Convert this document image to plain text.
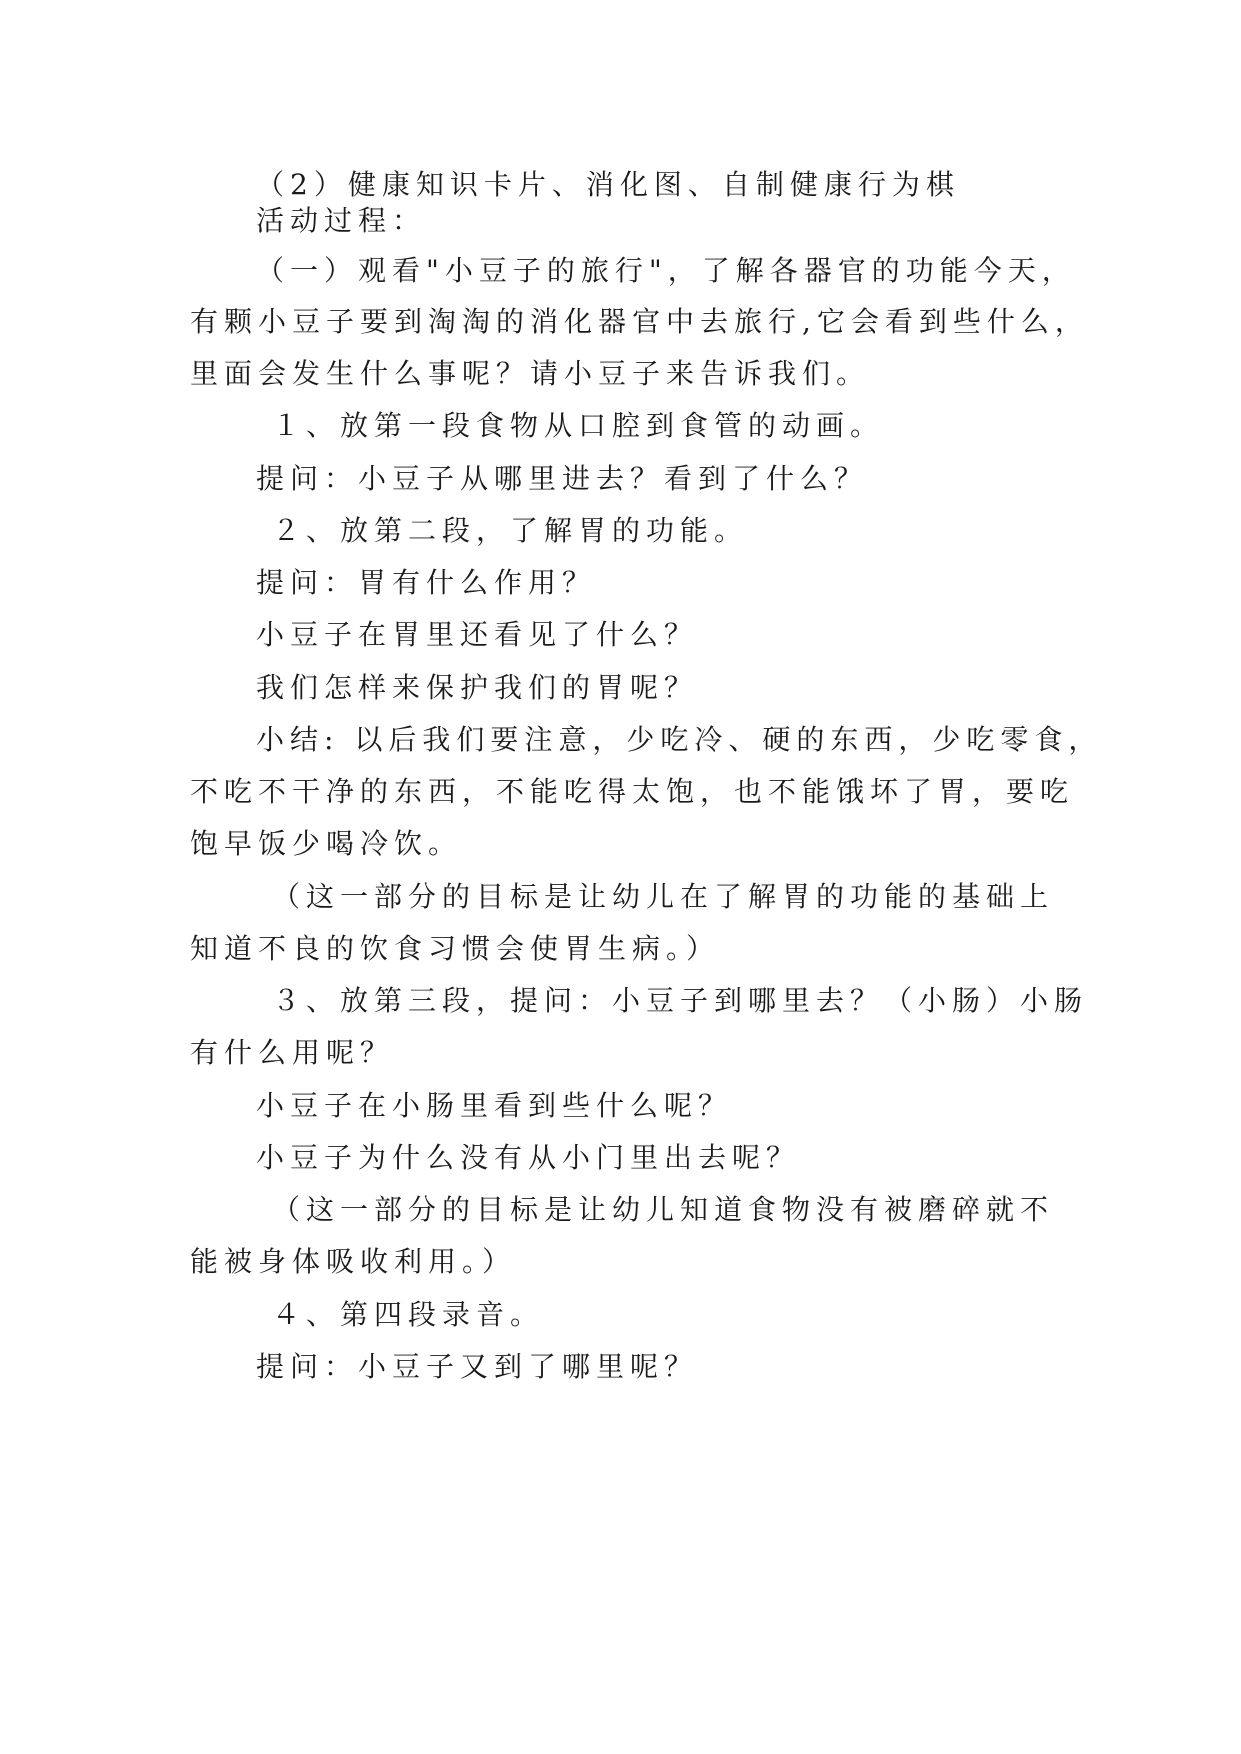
（2）健康知识卡片、消化图、自制健康行为棋
活动过程：
（一）观看"小豆子的旅行"，了解各器官的功能今天，
有颗小豆子要到淘淘的消化器官中去旅行,它会看到些什么，
里面会发生什么事呢？请小豆子来告诉我们。
１、放第一段食物从口腔到食管的动画。
提问：小豆子从哪里进去？看到了什么？
２、放第二段，了解胃的功能。
提问：胃有什么作用？
小豆子在胃里还看见了什么？
我们怎样来保护我们的胃呢？
小结: 以后我们要注意，少吃冷、硬的东西，少吃零食，
不吃不干净的东西，不能吃得太饱，也不能饿坏了胃，要吃
饱早饭少喝冷饮。
（这一部分的目标是让幼儿在了解胃的功能的基础上
知道不良的饮食习惯会使胃生病。）
３、放第三段，提问：小豆子到哪里去？（小肠）小肠
有什么用呢？
小豆子在小肠里看到些什么呢？
小豆子为什么没有从小门里出去呢？
（这一部分的目标是让幼儿知道食物没有被磨碎就不
能被身体吸收利用。）
４、第四段录音。
提问：小豆子又到了哪里呢？
